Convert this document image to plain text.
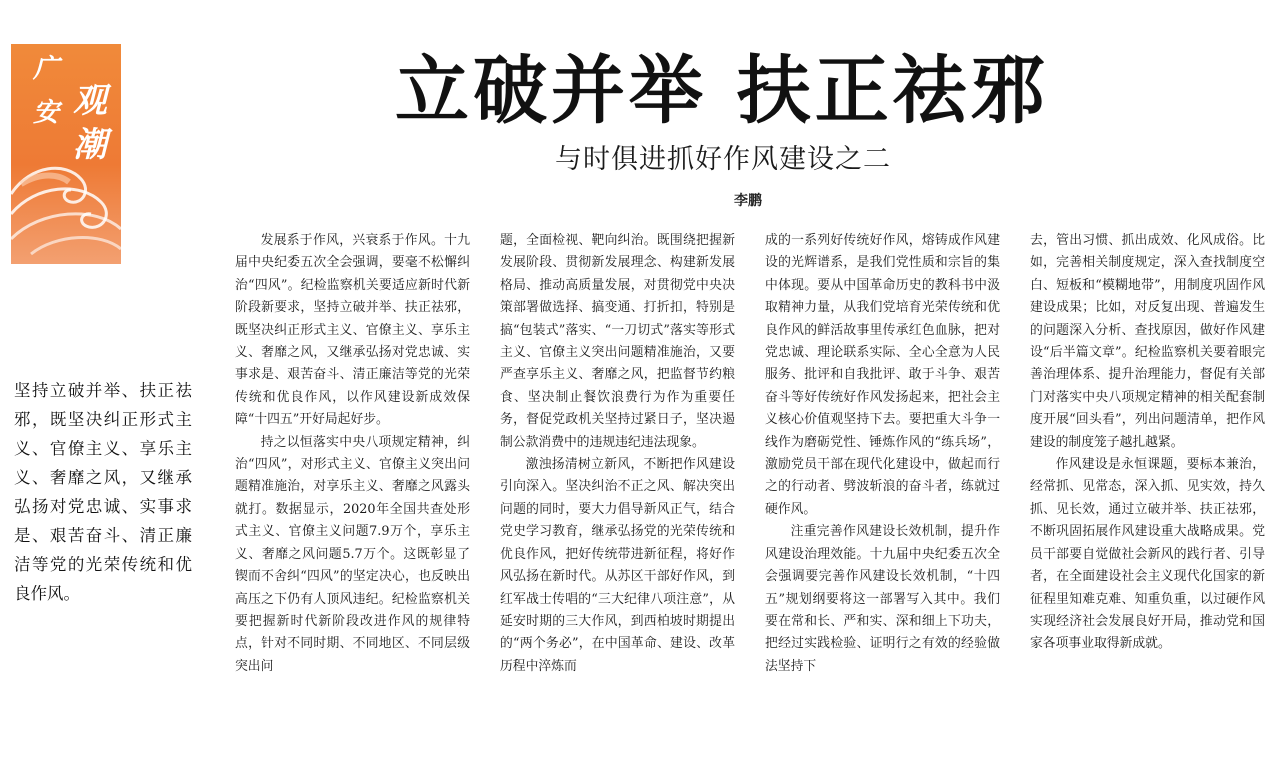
广
观
安
潮
立破并举 扶正祛邪
与时俱进抓好作风建设之二
李鹏
坚持立破并举、扶正祛邪，既坚决纠正形式主义、官僚主义、享乐主义、奢靡之风，又继承弘扬对党忠诚、实事求是、艰苦奋斗、清正廉洁等党的光荣传统和优良作风。

发展系于作风，兴衰系于作风。十九届中央纪委五次全会强调，要毫不松懈纠治“四风”。纪检监察机关要适应新时代新阶段新要求，坚持立破并举、扶正祛邪，既坚决纠正形式主义、官僚主义、享乐主义、奢靡之风，又继承弘扬对党忠诚、实事求是、艰苦奋斗、清正廉洁等党的光荣传统和优良作风，以作风建设新成效保障“十四五”开好局起好步。

持之以恒落实中央八项规定精神，纠治“四风”，对形式主义、官僚主义突出问题精准施治，对享乐主义、奢靡之风露头就打。数据显示，2020年全国共查处形式主义、官僚主义问题7.9万个，享乐主义、奢靡之风问题5.7万个。这既彰显了锲而不舍纠“四风”的坚定决心，也反映出高压之下仍有人顶风违纪。纪检监察机关要把握新时代新阶段改进作风的规律特点，针对不同时期、不同地区、不同层级突出问

题，全面检视、靶向纠治。既围绕把握新发展阶段、贯彻新发展理念、构建新发展格局、推动高质量发展，对贯彻党中央决策部署做选择、搞变通、打折扣，特别是搞“包装式”落实、“一刀切式”落实等形式主义、官僚主义突出问题精准施治，又要严查享乐主义、奢靡之风，把监督节约粮食、坚决制止餐饮浪费行为作为重要任务，督促党政机关坚持过紧日子，坚决遏制公款消费中的违规违纪违法现象。

激浊扬清树立新风，不断把作风建设引向深入。坚决纠治不正之风、解决突出问题的同时，要大力倡导新风正气，结合党史学习教育，继承弘扬党的光荣传统和优良作风，把好传统带进新征程，将好作风弘扬在新时代。从苏区干部好作风，到红军战士传唱的“三大纪律八项注意”，从延安时期的三大作风，到西柏坡时期提出的“两个务必”，在中国革命、建设、改革历程中淬炼而

成的一系列好传统好作风，熔铸成作风建设的光辉谱系，是我们党性质和宗旨的集中体现。要从中国革命历史的教科书中汲取精神力量，从我们党培育光荣传统和优良作风的鲜活故事里传承红色血脉，把对党忠诚、理论联系实际、全心全意为人民服务、批评和自我批评、敢于斗争、艰苦奋斗等好传统好作风发扬起来，把社会主义核心价值观坚持下去。要把重大斗争一线作为磨砺党性、锤炼作风的“练兵场”，激励党员干部在现代化建设中，做起而行之的行动者、劈波斩浪的奋斗者，练就过硬作风。

注重完善作风建设长效机制，提升作风建设治理效能。十九届中央纪委五次全会强调要完善作风建设长效机制，“十四五”规划纲要将这一部署写入其中。我们要在常和长、严和实、深和细上下功夫，把经过实践检验、证明行之有效的经验做法坚持下

去，管出习惯、抓出成效、化风成俗。比如，完善相关制度规定，深入查找制度空白、短板和“模糊地带”，用制度巩固作风建设成果；比如，对反复出现、普遍发生的问题深入分析、查找原因，做好作风建设“后半篇文章”。纪检监察机关要着眼完善治理体系、提升治理能力，督促有关部门对落实中央八项规定精神的相关配套制度开展“回头看”，列出问题清单，把作风建设的制度笼子越扎越紧。

作风建设是永恒课题，要标本兼治，经常抓、见常态，深入抓、见实效，持久抓、见长效，通过立破并举、扶正祛邪，不断巩固拓展作风建设重大战略成果。党员干部要自觉做社会新风的践行者、引导者，在全面建设社会主义现代化国家的新征程里知难克难、知重负重，以过硬作风实现经济社会发展良好开局，推动党和国家各项事业取得新成就。
